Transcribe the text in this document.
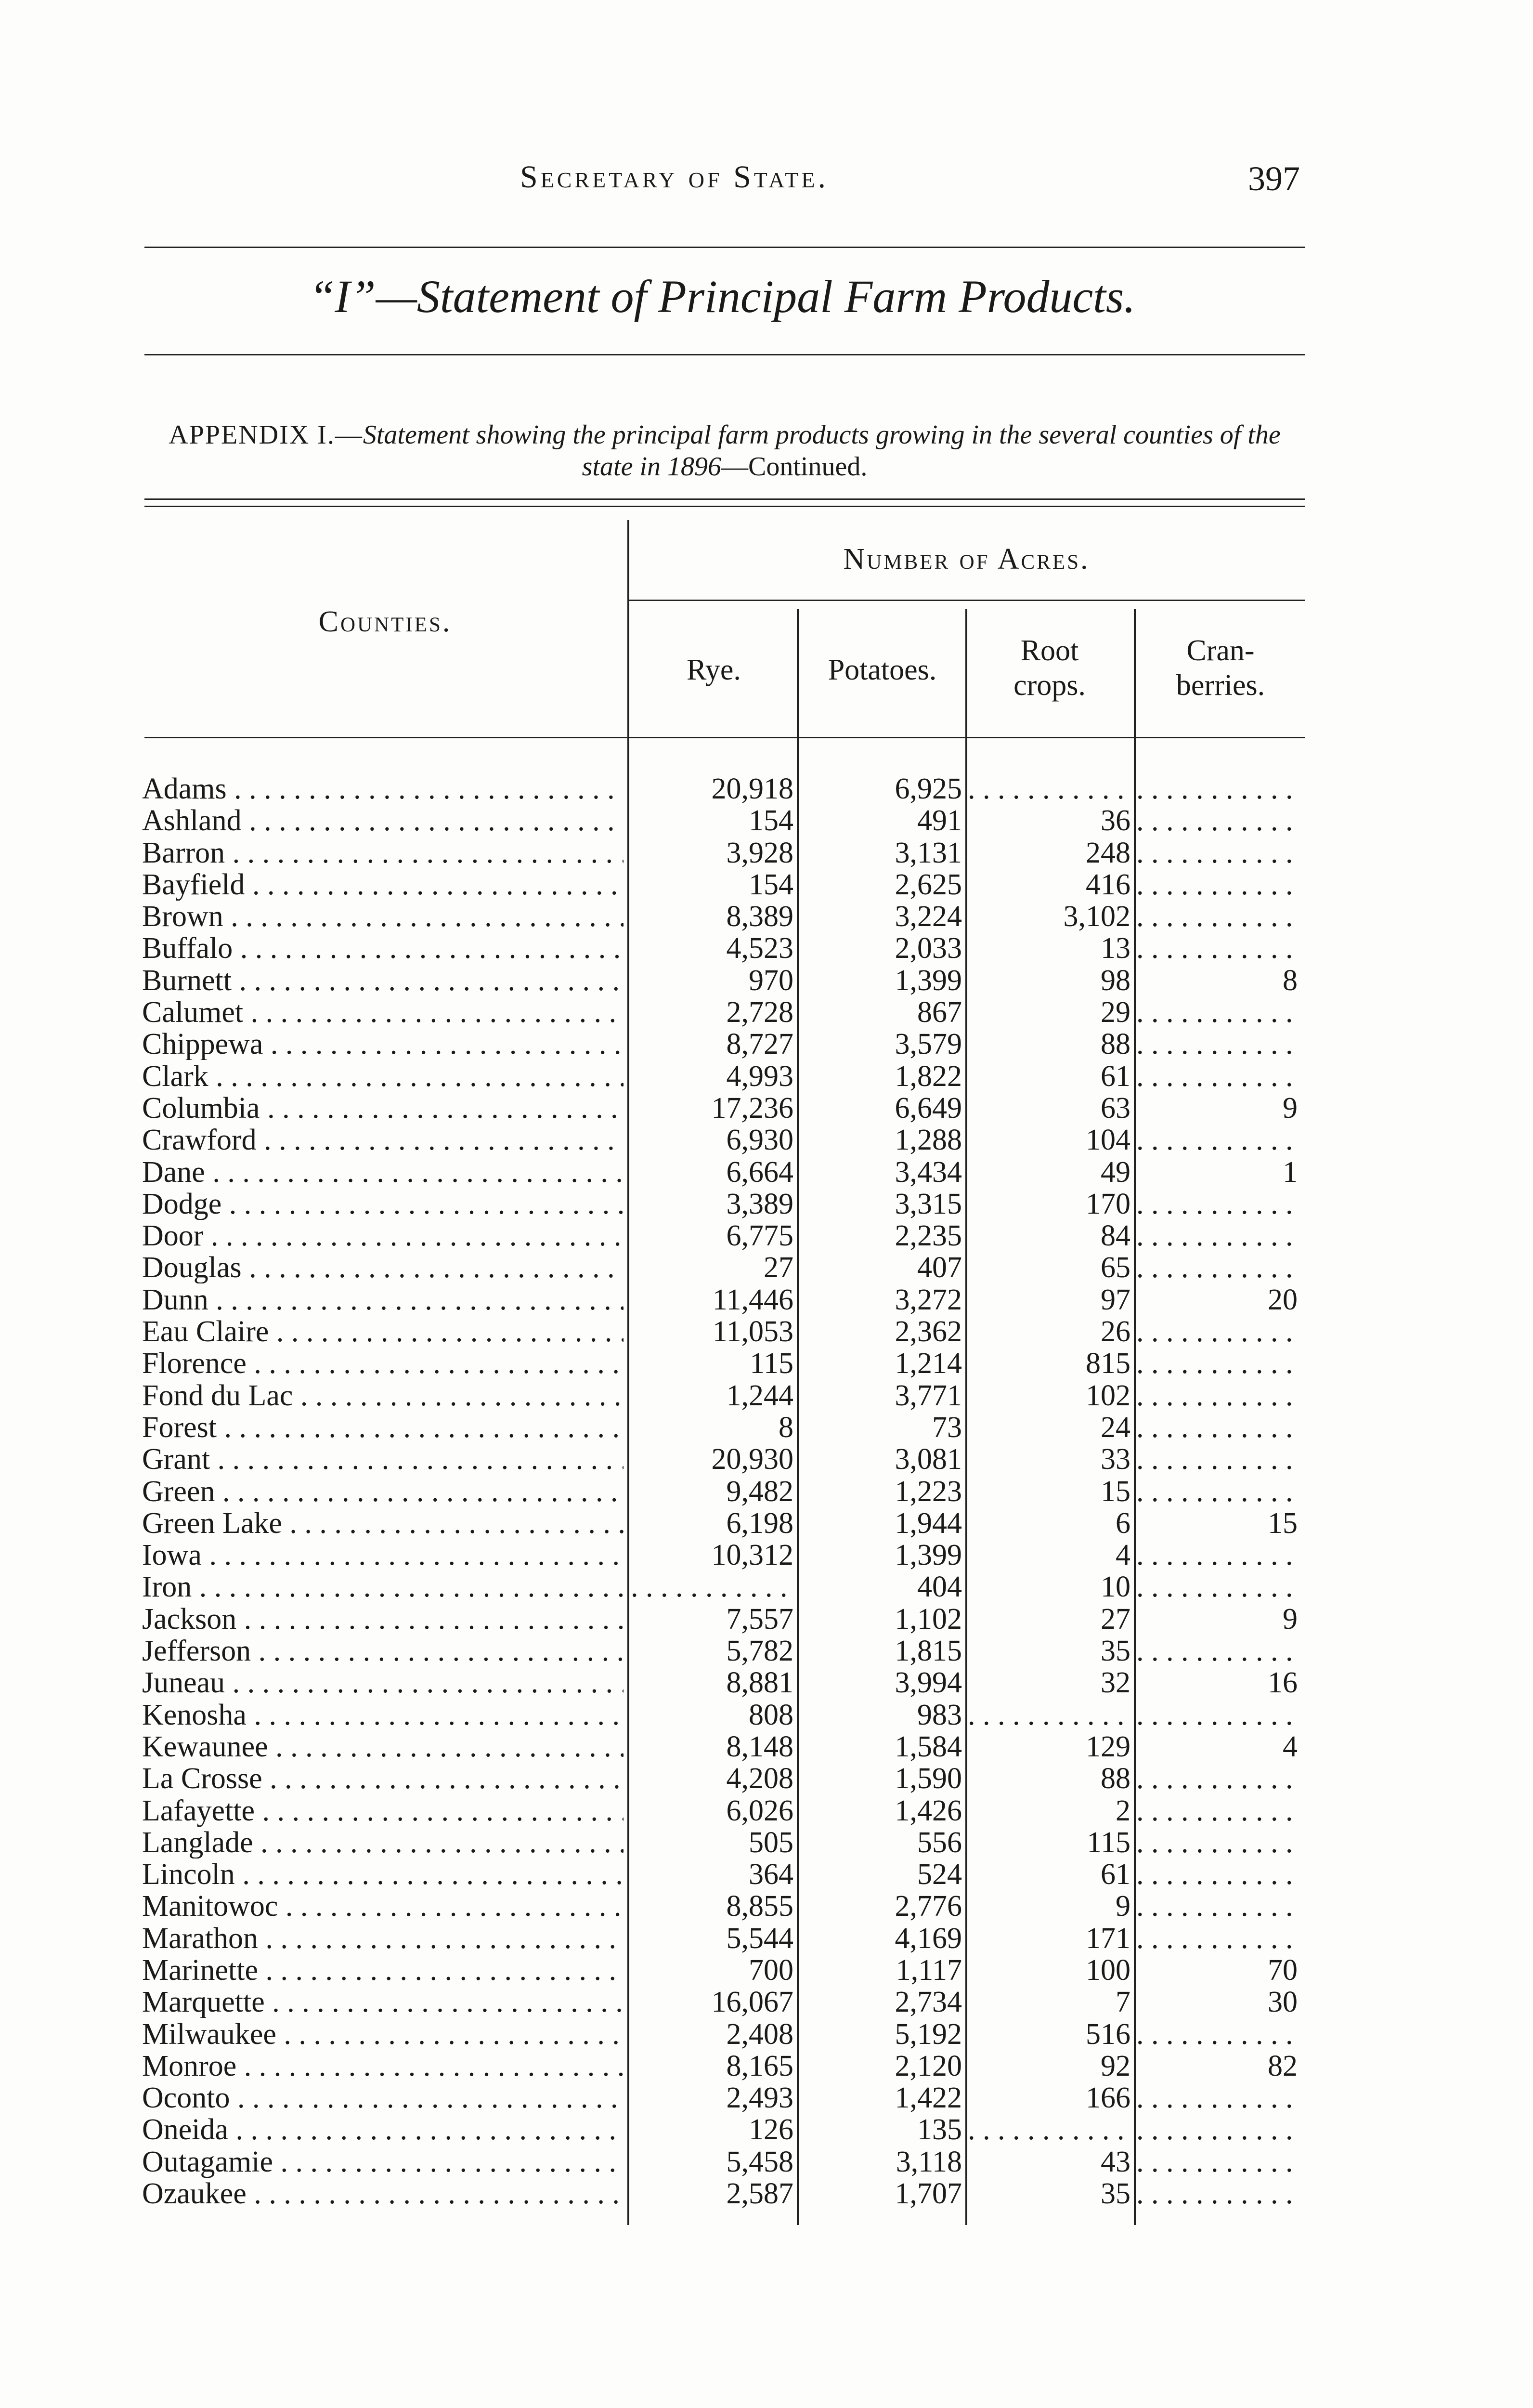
Secretary of State.	397
“I”—Statement of Principal Farm Products.
APPENDIX I.—Statement showing the principal farm products growing in the several counties of the state in 1896—Continued.
Counties.
Number of Acres.
Rye.	Potatoes.
Root crops.
Cran-berries.
Adams . . .	20,918	6,925
. . .
. . .
Ashland . . .	154	491	36
. . .
Barron . . .	3,928	3,131	248
. . .
Bayfield . . .	154	2,625	416
. . .
Brown . . .	8,389	3,224	3,102
. . .
Buffalo . . .	4,523	2,033	13
. . .
Burnett . . .	970	1,399	98	8
Calumet . . .	2,728	867	29
. . .
Chippewa . . .	8,727	3,579	88
. . .
Clark . . .	4,993	1,822	61
. . .
Columbia . . .	17,236	6,649	63	9
Crawford . . .	6,930	1,288	104
. . .
Dane . . .	6,664	3,434	49	1
Dodge . . .	3,389	3,315	170
. . .
Door . . .	6,775	2,235	84
. . .
Douglas . . .	27	407	65
. . .
Dunn . . .	11,446	3,272	97	20
Eau Claire . . .	11,053	2,362	26
. . .
Florence . . .	115	1,214	815
. . .
Fond du Lac . . .	1,244	3,771	102
. . .
Forest . . .	8	73	24
. . .
Grant . . .	20,930	3,081	33
. . .
Green . . .	9,482	1,223	15
. . .
Green Lake . . .	6,198	1,944	6	15
Iowa . . .	10,312	1,399	4
. . .
Iron . . .
. . .	404	10
. . .
Jackson . . .	7,557	1,102	27	9
Jefferson . . .	5,782	1,815	35
. . .
Juneau . . .	8,881	3,994	32	16
Kenosha . . .	808	983
. . .
. . .
Kewaunee . . .	8,148	1,584	129	4
La Crosse . . .	4,208	1,590	88
. . .
Lafayette . . .	6,026	1,426	2
. . .
Langlade . . .	505	556	115
. . .
Lincoln . . .	364	524	61
. . .
Manitowoc . . .	8,855	2,776	9
. . .
Marathon . . .	5,544	4,169	171
. . .
Marinette . . .	700	1,117	100	70
Marquette . . .	16,067	2,734	7	30
Milwaukee . . .	2,408	5,192	516
. . .
Monroe . . .	8,165	2,120	92	82
Oconto . . .	2,493	1,422	166
. . .
Oneida . . .	126	135
. . .
. . .
Outagamie . . .	5,458	3,118	43
. . .
Ozaukee . . .	2,587	1,707	35
. . .
